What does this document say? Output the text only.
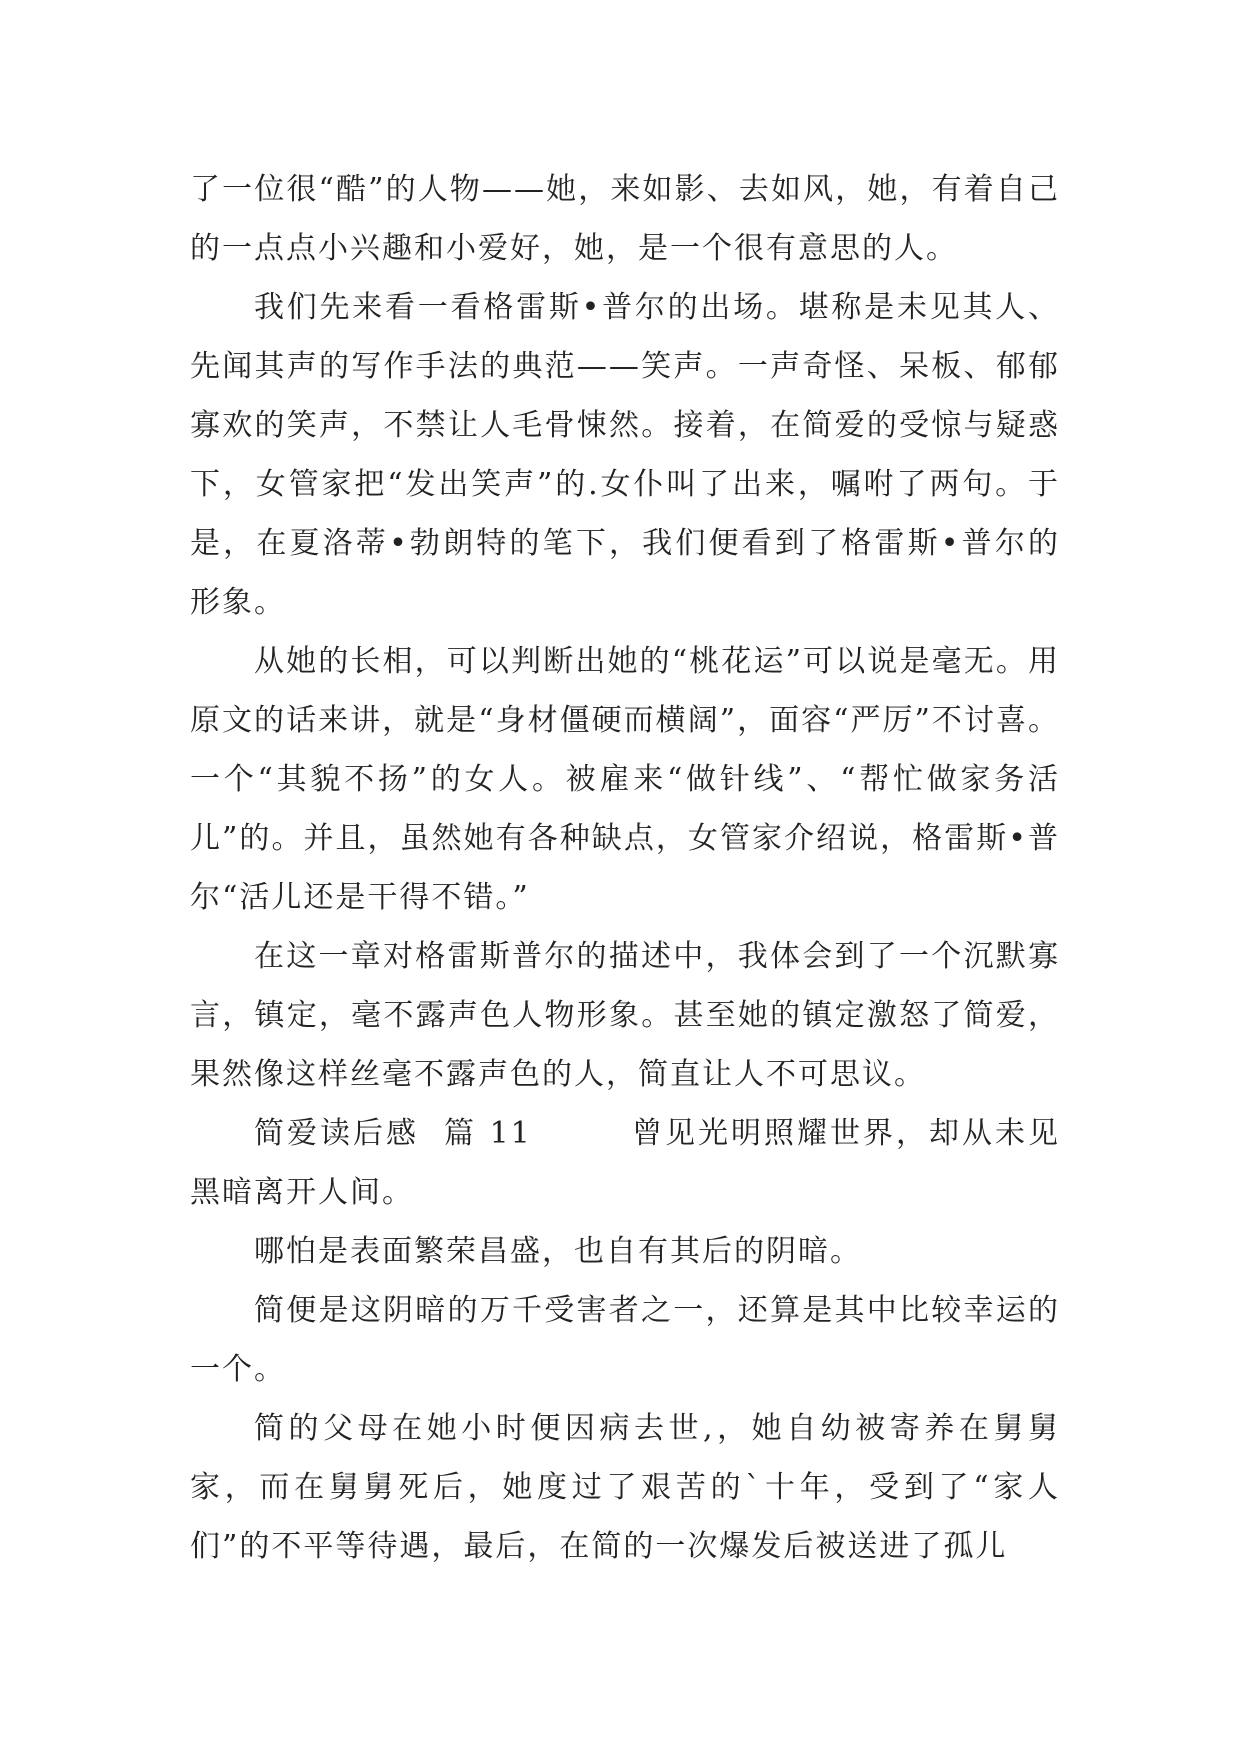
了一位很“酷”的人物——她，来如影、去如风，她，有着自己的一点点小兴趣和小爱好，她，是一个很有意思的人。

我们先来看一看格雷斯•普尔的出场。堪称是未见其人、先闻其声的写作手法的典范——笑声。一声奇怪、呆板、郁郁寡欢的笑声，不禁让人毛骨悚然。接着，在简爱的受惊与疑惑下，女管家把“发出笑声”的.女仆叫了出来，嘱咐了两句。于是，在夏洛蒂•勃朗特的笔下，我们便看到了格雷斯•普尔的形象。

从她的长相，可以判断出她的“桃花运”可以说是毫无。用原文的话来讲，就是“身材僵硬而横阔”，面容“严厉”不讨喜。一个“其貌不扬”的女人。被雇来“做针线”、“帮忙做家务活儿”的。并且，虽然她有各种缺点，女管家介绍说，格雷斯•普尔“活儿还是干得不错。”

在这一章对格雷斯普尔的描述中，我体会到了一个沉默寡言，镇定，毫不露声色人物形象。甚至她的镇定激怒了简爱，果然像这样丝毫不露声色的人，简直让人不可思议。

简爱读后感  篇 11        曾见光明照耀世界，却从未见黑暗离开人间。

哪怕是表面繁荣昌盛，也自有其后的阴暗。

简便是这阴暗的万千受害者之一，还算是其中比较幸运的一个。

简的父母在她小时便因病去世,，她自幼被寄养在舅舅家，而在舅舅死后，她度过了艰苦的`十年，受到了“家人们”的不平等待遇，最后，在简的一次爆发后被送进了孤儿
